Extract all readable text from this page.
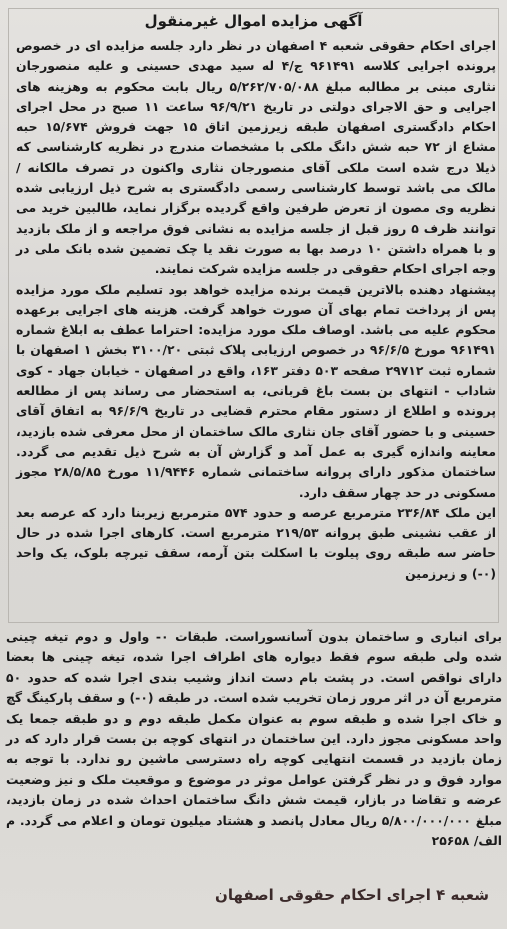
آگهی مزایده اموال غیرمنقول

اجرای احکام حقوقی شعبه ۴ اصفهان در نظر دارد جلسه مزایده ای در خصوص پرونده اجرایی کلاسه ۹۶۱۴۹۱ ج/۴ له سید مهدی حسینی و علیه منصورجان نثاری مبنی بر مطالبه مبلغ ۵/۲۶۲/۷۰۵/۰۸۸ ریال بابت محکوم به وهزینه های اجرایی و حق الاجرای دولتی در تاریخ ۹۶/۹/۲۱ ساعت ۱۱ صبح در محل اجرای احکام دادگستری اصفهان طبقه زیرزمین اتاق ۱۵ جهت فروش ۱۵/۶۷۴ حبه مشاع از ۷۲ حبه شش دانگ ملکی با مشخصات مندرج در نظریه کارشناسی که ذیلا درج شده است ملکی آقای منصورجان نثاری واکنون در تصرف مالکانه / مالک می باشد توسط کارشناسی رسمی دادگستری به شرح ذیل ارزیابی شده نظریه وی مصون از تعرض طرفین واقع گردیده برگزار نماید، طالبین خرید می توانند ظرف ۵ روز قبل از جلسه مزایده به نشانی فوق مراجعه و از ملک بازدید و با همراه داشتن ۱۰ درصد بها به صورت نقد یا چک تضمین شده بانک ملی در وجه اجرای احکام حقوقی در جلسه مزایده شرکت نمایند.

پیشنهاد دهنده بالاترین قیمت برنده مزایده خواهد بود تسلیم ملک مورد مزایده پس از پرداخت تمام بهای آن صورت خواهد گرفت. هزینه های اجرایی برعهده محکوم علیه می باشد. اوصاف ملک مورد مزایده: احتراما عطف به ابلاغ شماره ۹۶۱۴۹۱ مورخ ۹۶/۶/۵ در خصوص ارزیابی پلاک ثبتی ۳۱۰۰/۲۰ بخش ۱ اصفهان با شماره ثبت ۲۹۷۱۲ صفحه ۵۰۳ دفتر ۱۶۳، واقع در اصفهان - خیابان جهاد - کوی شاداب - انتهای بن بست باغ قربانی، به استحضار می رساند پس از مطالعه پرونده و اطلاع از دستور مقام محترم قضایی در تاریخ ۹۶/۶/۹ به اتفاق آقای حسینی و با حضور آقای جان نثاری مالک ساختمان از محل معرفی شده بازدید، معاینه واندازه گیری به عمل آمد و گزارش آن به شرح ذیل تقدیم می گردد. ساختمان مذکور دارای پروانه ساختمانی شماره ۱۱/۹۴۴۶ مورخ ۲۸/۵/۸۵ مجوز مسکونی در حد چهار سقف دارد.

این ملک ۲۳۶/۸۴ مترمربع عرصه و حدود ۵۷۴ مترمربع زیربنا دارد که عرصه بعد از عقب نشینی طبق پروانه ۲۱۹/۵۳ مترمربع است. کارهای اجرا شده در حال حاضر سه طبقه روی پیلوت با اسکلت بتن آرمه، سقف تیرچه بلوک، یک واحد (۰-) و زیرزمین

برای انباری و ساختمان بدون آسانسوراست. طبقات ۰- واول و دوم تیغه چینی شده ولی طبقه سوم فقط دیواره های اطراف اجرا شده، تیغه چینی ها بعضا دارای نواقص است. در پشت بام دست انداز وشیب بندی اجرا شده که حدود ۵۰ مترمربع آن در اثر مرور زمان تخریب شده است. در طبقه (۰-) و سقف پارکینگ گچ و خاک اجرا شده و طبقه سوم به عنوان مکمل طبقه دوم و دو طبقه جمعا یک واحد مسکونی مجوز دارد. این ساختمان در انتهای کوچه بن بست قرار دارد که در زمان بازدید در قسمت انتهایی کوچه راه دسترسی ماشین رو ندارد. با توجه به موارد فوق و در نظر گرفتن عوامل موثر در موضوع و موقعیت ملک و نیز وضعیت عرضه و تقاضا در بازار، قیمت شش دانگ ساختمان احداث شده در زمان بازدید، مبلغ ۵/۸۰۰/۰۰۰/۰۰۰ ریال معادل پانصد و هشتاد میلیون تومان و اعلام می گردد. م الف/ ۲۵۶۵۸

شعبه ۴ اجرای احکام حقوقی اصفهان
